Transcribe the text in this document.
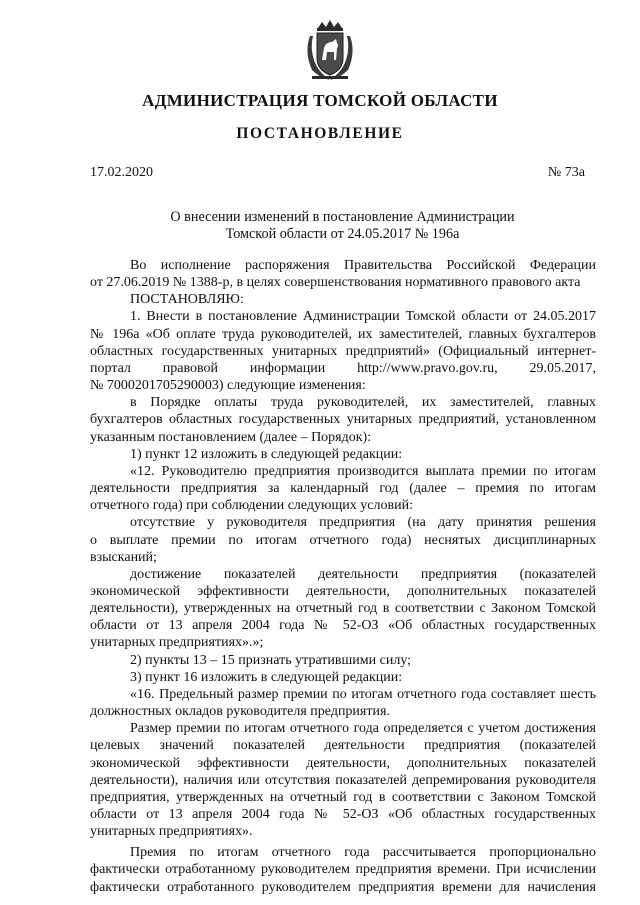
АДМИНИСТРАЦИЯ ТОМСКОЙ ОБЛАСТИ
ПОСТАНОВЛЕНИЕ
17.02.2020	№ 73а
О внесении изменений в постановление Администрации
Томской области от 24.05.2017 № 196а
Во исполнение распоряжения Правительства Российской Федерации
от 27.06.2019 № 1388-р, в целях совершенствования нормативного правового акта
ПОСТАНОВЛЯЮ:
1. Внести в постановление Администрации Томской области от 24.05.2017
№ 196а «Об оплате труда руководителей, их заместителей, главных бухгалтеров
областных государственных унитарных предприятий» (Официальный интернет-
портал правовой информации http://www.pravo.gov.ru, 29.05.2017,
№ 7000201705290003) следующие изменения:
в Порядке оплаты труда руководителей, их заместителей, главных
бухгалтеров областных государственных унитарных предприятий, установленном
указанным постановлением (далее – Порядок):
1) пункт 12 изложить в следующей редакции:
«12. Руководителю предприятия производится выплата премии по итогам
деятельности предприятия за календарный год (далее – премия по итогам
отчетного года) при соблюдении следующих условий:
отсутствие у руководителя предприятия (на дату принятия решения
о выплате премии по итогам отчетного года) неснятых дисциплинарных
взысканий;
достижение показателей деятельности предприятия (показателей
экономической эффективности деятельности, дополнительных показателей
деятельности), утвержденных на отчетный год в соответствии с Законом Томской
области от 13 апреля 2004 года № 52-ОЗ «Об областных государственных
унитарных предприятиях».»;
2) пункты 13 – 15 признать утратившими силу;
3) пункт 16 изложить в следующей редакции:
«16. Предельный размер премии по итогам отчетного года составляет шесть
должностных окладов руководителя предприятия.
Размер премии по итогам отчетного года определяется с учетом достижения
целевых значений показателей деятельности предприятия (показателей
экономической эффективности деятельности, дополнительных показателей
деятельности), наличия или отсутствия показателей депремирования руководителя
предприятия, утвержденных на отчетный год в соответствии с Законом Томской
области от 13 апреля 2004 года № 52-ОЗ «Об областных государственных
унитарных предприятиях».
Премия по итогам отчетного года рассчитывается пропорционально
фактически отработанному руководителем предприятия времени. При исчислении
фактически отработанного руководителем предприятия времени для начисления
